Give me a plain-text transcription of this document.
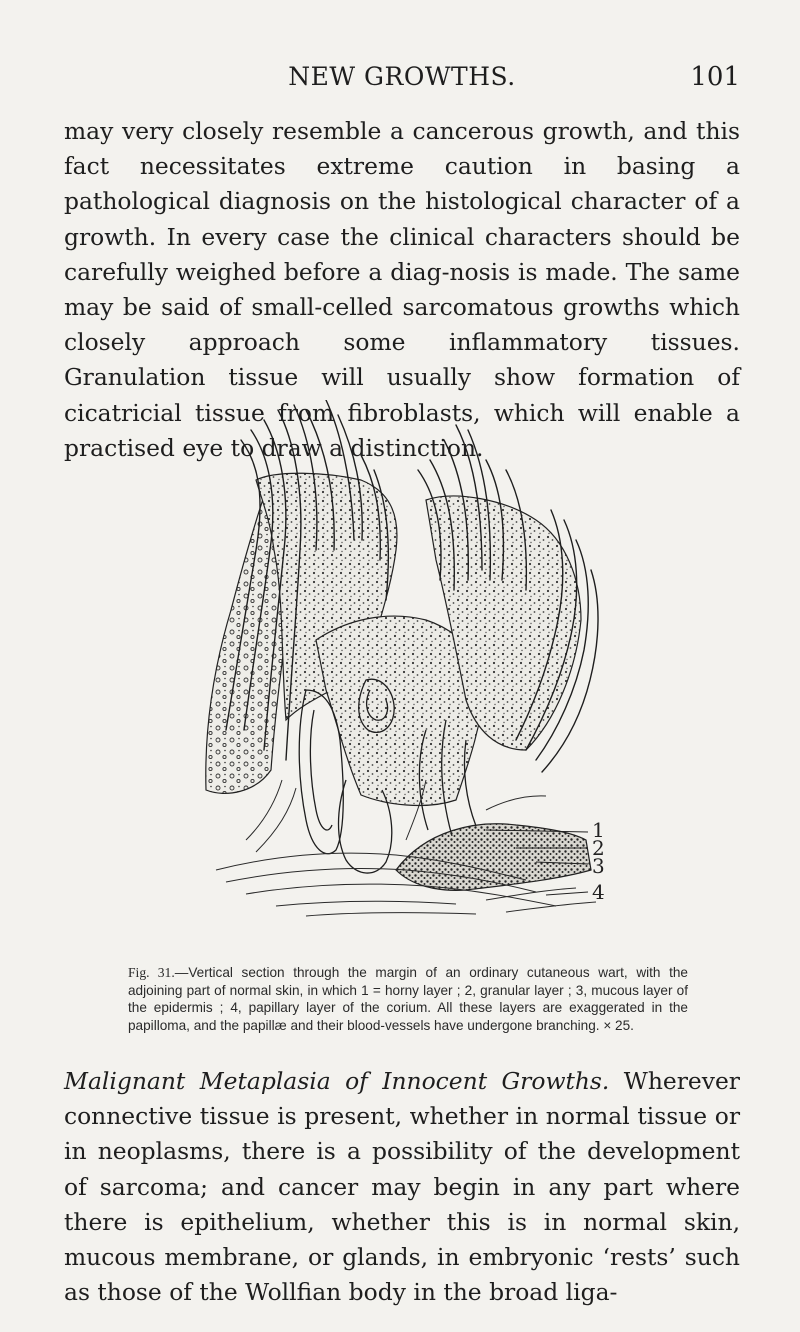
NEW GROWTHS.	101

may very closely resemble a cancerous growth, and this fact necessitates extreme caution in basing a pathological diagnosis on the histological character of a growth. In every case the clinical characters should be carefully weighed before a diag-nosis is made. The same may be said of small-celled sarcomatous growths which closely approach some inflammatory tissues. Granulation tissue will usually show formation of cicatricial tissue from fibroblasts, which will enable a practised eye to draw a distinction.

1
2
3
4

Fig. 31.—Vertical section through the margin of an ordinary cutaneous wart, with the adjoining part of normal skin, in which 1 = horny layer ; 2, granular layer ; 3, mucous layer of the epidermis ; 4, papillary layer of the corium. All these layers are exaggerated in the papilloma, and the papillæ and their blood-vessels have undergone branching. × 25.

Malignant Metaplasia of Innocent Growths. Wherever connective tissue is present, whether in normal tissue or in neoplasms, there is a possibility of the development of sarcoma; and cancer may begin in any part where there is epithelium, whether this is in normal skin, mucous membrane, or glands, in embryonic ‘rests’ such as those of the Wollfian body in the broad liga-
